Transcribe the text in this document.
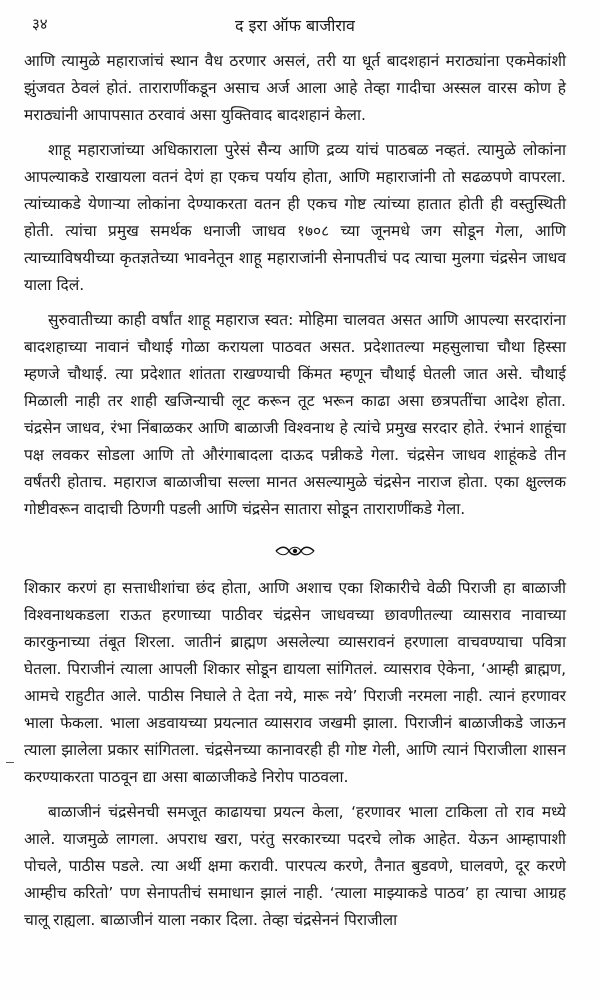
३४	द इरा ऑफ बाजीराव

आणि त्यामुळे महाराजांचं स्थान वैध ठरणार असलं, तरी या धूर्त बादशहानं मराठ्यांना एकमेकांशी झुंजवत ठेवलं होतं. ताराराणींकडून असाच अर्ज आला आहे तेव्हा गादीचा अस्सल वारस कोण हे मराठ्यांनी आपापसात ठरवावं असा युक्तिवाद बादशहानं केला.

शाहू महाराजांच्या अधिकाराला पुरेसं सैन्य आणि द्रव्य यांचं पाठबळ नव्हतं. त्यामुळे लोकांना आपल्याकडे राखायला वतनं देणं हा एकच पर्याय होता, आणि महाराजांनी तो सढळपणे वापरला. त्यांच्याकडे येणाऱ्या लोकांना देण्याकरता वतन ही एकच गोष्ट त्यांच्या हातात होती ही वस्तुस्थिती होती. त्यांचा प्रमुख समर्थक धनाजी जाधव १७०८ च्या जूनमधे जग सोडून गेला, आणि त्याच्याविषयीच्या कृतज्ञतेच्या भावनेतून शाहू महाराजांनी सेनापतीचं पद त्याचा मुलगा चंद्रसेन जाधव याला दिलं.

सुरुवातीच्या काही वर्षांत शाहू महाराज स्वत: मोहिमा चालवत असत आणि आपल्या सरदारांना बादशहाच्या नावानं चौथाई गोळा करायला पाठवत असत. प्रदेशातल्या महसुलाचा चौथा हिस्सा म्हणजे चौथाई. त्या प्रदेशात शांतता राखण्याची किंमत म्हणून चौथाई घेतली जात असे. चौथाई मिळाली नाही तर शाही खजिन्याची लूट करून तूट भरून काढा असा छत्रपतींचा आदेश होता. चंद्रसेन जाधव, रंभा निंबाळकर आणि बाळाजी विश्वनाथ हे त्यांचे प्रमुख सरदार होते. रंभानं शाहूंचा पक्ष लवकर सोडला आणि तो औरंगाबादला दाऊद पन्नीकडे गेला. चंद्रसेन जाधव शाहूंकडे तीन वर्षंतरी होताच. महाराज बाळाजीचा सल्ला मानत असल्यामुळे चंद्रसेन नाराज होता. एका क्षुल्लक गोष्टीवरून वादाची ठिणगी पडली आणि चंद्रसेन सातारा सोडून ताराराणींकडे गेला.

शिकार करणं हा सत्ताधीशांचा छंद होता, आणि अशाच एका शिकारीचे वेळी पिराजी हा बाळाजी विश्वनाथकडला राऊत हरणाच्या पाठीवर चंद्रसेन जाधवच्या छावणीतल्या व्यासराव नावाच्या कारकुनाच्या तंबूत शिरला. जातीनं ब्राह्मण असलेल्या व्यासरावनं हरणाला वाचवण्याचा पवित्रा घेतला. पिराजीनं त्याला आपली शिकार सोडून द्यायला सांगितलं. व्यासराव ऐकेना, ‘आम्ही ब्राह्मण, आमचे राहुटीत आले. पाठीस निघाले ते देता नये, मारू नये’ पिराजी नरमला नाही. त्यानं हरणावर भाला फेकला. भाला अडवायच्या प्रयत्नात व्यासराव जखमी झाला. पिराजीनं बाळाजीकडे जाऊन त्याला झालेला प्रकार सांगितला. चंद्रसेनच्या कानावरही ही गोष्ट गेली, आणि त्यानं पिराजीला शासन करण्याकरता पाठवून द्या असा बाळाजीकडे निरोप पाठवला.

बाळाजीनं चंद्रसेनची समजूत काढायचा प्रयत्न केला, ‘हरणावर भाला टाकिला तो राव मध्ये आले. याजमुळे लागला. अपराध खरा, परंतु सरकारच्या पदरचे लोक आहेत. येऊन आम्हापाशी पोचले, पाठीस पडले. त्या अर्थी क्षमा करावी. पारपत्य करणे, तैनात बुडवणे, घालवणे, दूर करणे आम्हीच करितो’ पण सेनापतीचं समाधान झालं नाही. ‘त्याला माझ्याकडे पाठव’ हा त्याचा आग्रह चालू राह्यला. बाळाजीनं याला नकार दिला. तेव्हा चंद्रसेननं पिराजीला
